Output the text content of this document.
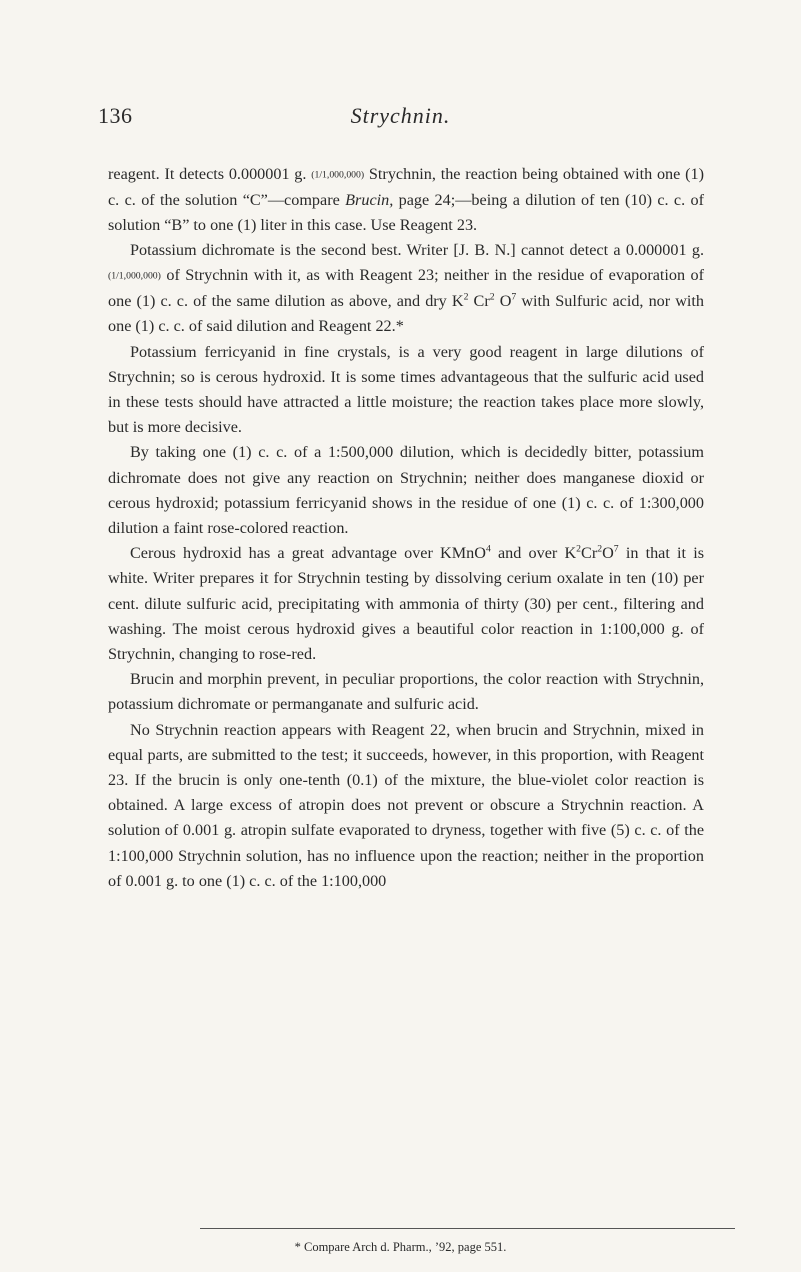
136	Strychnin.

reagent. It detects 0.000001 g. (1/1,000,000) Strychnin, the reaction being obtained with one (1) c. c. of the solution “C”—compare Brucin, page 24;—being a dilution of ten (10) c. c. of solution “B” to one (1) liter in this case. Use Reagent 23.

Potassium dichromate is the second best. Writer [J. B. N.] cannot detect a 0.000001 g. (1/1,000,000) of Strychnin with it, as with Reagent 23; neither in the residue of evaporation of one (1) c. c. of the same dilution as above, and dry $K^2$ Cr$^2$ $O^7$ with Sulfuric acid, nor with one (1) c. c. of said dilution and Reagent 22.*

Potassium ferricyanid in fine crystals, is a very good reagent in large dilutions of Strychnin; so is cerous hydroxid. It is some times advantageous that the sulfuric acid used in these tests should have attracted a little moisture; the reaction takes place more slowly, but is more decisive.

By taking one (1) c. c. of a 1:500,000 dilution, which is decidedly bitter, potassium dichromate does not give any reaction on Strychnin; neither does manganese dioxid or cerous hydroxid; potassium ferricyanid shows in the residue of one (1) c. c. of 1:300,000 dilution a faint rose-colored reaction.

Cerous hydroxid has a great advantage over KMnO$^4$ and over $K^2Cr^2O^7$ in that it is white. Writer prepares it for Strychnin testing by dissolving cerium oxalate in ten (10) per cent. dilute sulfuric acid, precipitating with ammonia of thirty (30) per cent., filtering and washing. The moist cerous hydroxid gives a beautiful color reaction in 1:100,000 g. of Strychnin, changing to rose-red.

Brucin and morphin prevent, in peculiar proportions, the color reaction with Strychnin, potassium dichromate or permanganate and sulfuric acid.

No Strychnin reaction appears with Reagent 22, when brucin and Strychnin, mixed in equal parts, are submitted to the test; it succeeds, however, in this proportion, with Reagent 23. If the brucin is only one-tenth (0.1) of the mixture, the blue-violet color reaction is obtained. A large excess of atropin does not prevent or obscure a Strychnin reaction. A solution of 0.001 g. atropin sulfate evaporated to dryness, together with five (5) c. c. of the 1:100,000 Strychnin solution, has no influence upon the reaction; neither in the proportion of 0.001 g. to one (1) c. c. of the 1:100,000

* Compare Arch d. Pharm., ’92, page 551.
